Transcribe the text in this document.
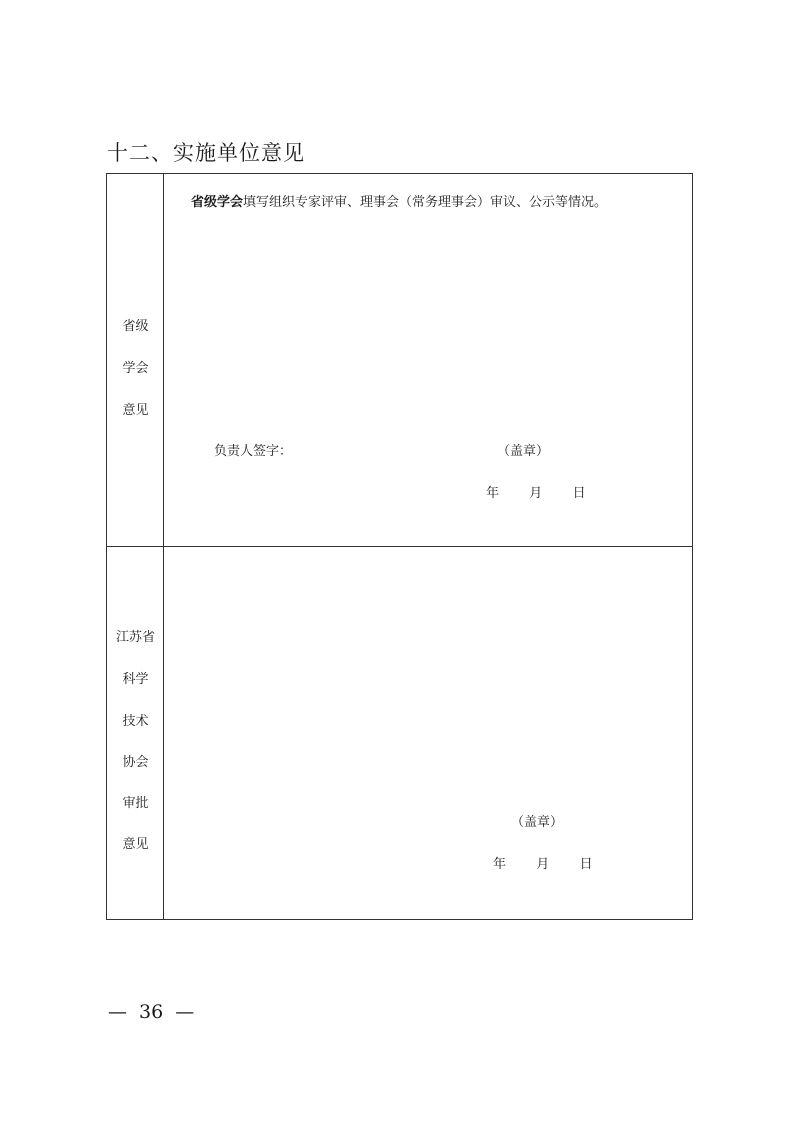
十二、实施单位意见
省级
学会
意见
省级学会填写组织专家评审、理事会（常务理事会）审议、公示等情况。
负责人签字：	（盖章）
年 月 日
江苏省
科学
技术
协会
审批
意见
（盖章）
年 月 日
— 36 —
